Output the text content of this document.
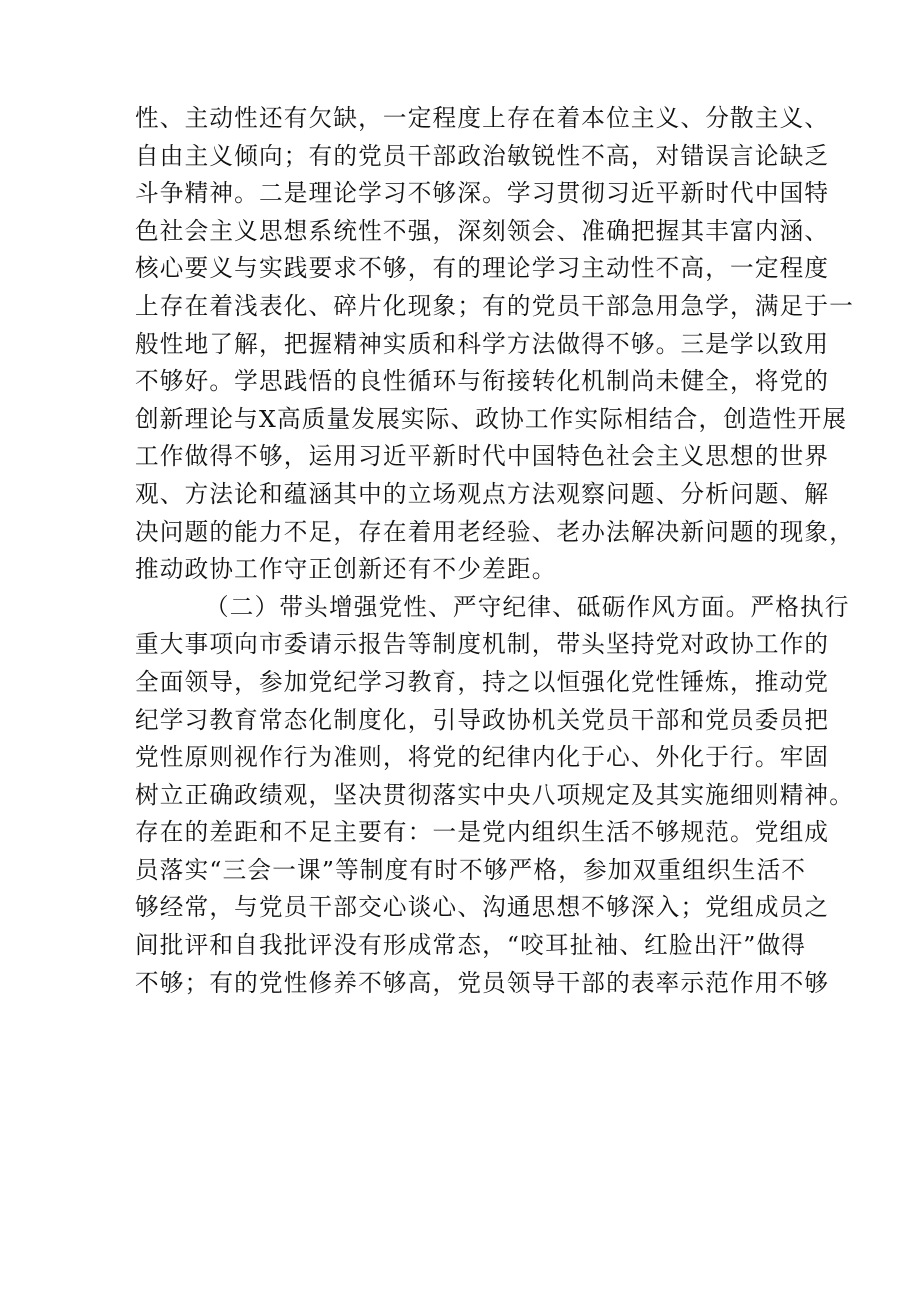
性、主动性还有欠缺，一定程度上存在着本位主义、分散主义、
自由主义倾向；有的党员干部政治敏锐性不高，对错误言论缺乏
斗争精神。二是理论学习不够深。学习贯彻习近平新时代中国特
色社会主义思想系统性不强，深刻领会、准确把握其丰富内涵、
核心要义与实践要求不够，有的理论学习主动性不高，一定程度
上存在着浅表化、碎片化现象；有的党员干部急用急学，满足于一
般性地了解，把握精神实质和科学方法做得不够。三是学以致用
不够好。学思践悟的良性循环与衔接转化机制尚未健全，将党的
创新理论与X高质量发展实际、政协工作实际相结合，创造性开展
工作做得不够，运用习近平新时代中国特色社会主义思想的世界
观、方法论和蕴涵其中的立场观点方法观察问题、分析问题、解
决问题的能力不足，存在着用老经验、老办法解决新问题的现象，
推动政协工作守正创新还有不少差距。
（二）带头增强党性、严守纪律、砥砺作风方面。严格执行
重大事项向市委请示报告等制度机制，带头坚持党对政协工作的
全面领导，参加党纪学习教育，持之以恒强化党性锤炼，推动党
纪学习教育常态化制度化，引导政协机关党员干部和党员委员把
党性原则视作行为准则，将党的纪律内化于心、外化于行。牢固
树立正确政绩观，坚决贯彻落实中央八项规定及其实施细则精神。
存在的差距和不足主要有：一是党内组织生活不够规范。党组成
员落实“三会一课”等制度有时不够严格，参加双重组织生活不
够经常，与党员干部交心谈心、沟通思想不够深入；党组成员之
间批评和自我批评没有形成常态，“咬耳扯袖、红脸出汗”做得
不够；有的党性修养不够高，党员领导干部的表率示范作用不够
